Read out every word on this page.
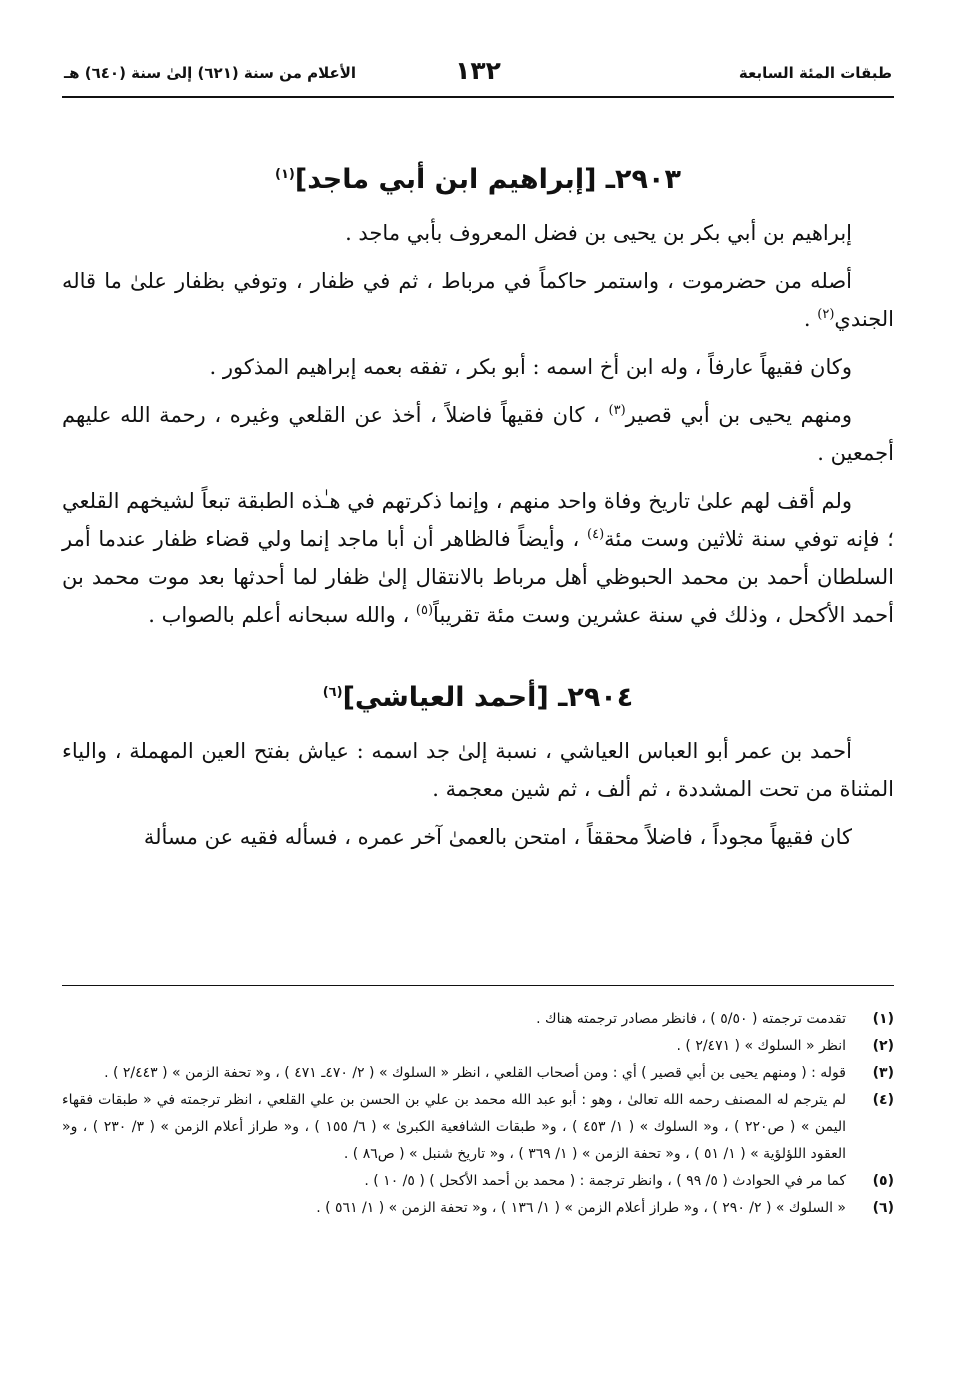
طبقات المئة السابعة
١٣٢
الأعلام من سنة (٦٢١) إلىٰ سنة (٦٤٠) هـ
٢٩٠٣ـ [إبراهيم ابن أبي ماجد]$^{(١)}$

إبراهيم بن أبي بكر بن يحيى بن فضل المعروف بأبي ماجد .

أصله من حضرموت ، واستمر حاكماً في مرباط ، ثم في ظفار ، وتوفي بظفار علىٰ ما قاله الجندي$^{(٢)}$ .

وكان فقيهاً عارفاً ، وله ابن أخ اسمه : أبو بكر ، تفقه بعمه إبراهيم المذكور .

ومنهم يحيى بن أبي قصير$^{(٣)}$ ، كان فقيهاً فاضلاً ، أخذ عن القلعي وغيره ، رحمة الله عليهم أجمعين .

ولم أقف لهم علىٰ تاريخ وفاة واحد منهم ، وإنما ذكرتهم في هـٰذه الطبقة تبعاً لشيخهم القلعي ؛ فإنه توفي سنة ثلاثين وست مئة$^{(٤)}$ ، وأيضاً فالظاهر أن أبا ماجد إنما ولي قضاء ظفار عندما أمر السلطان أحمد بن محمد الحبوظي أهل مرباط بالانتقال إلىٰ ظفار لما أحدثها بعد موت محمد بن أحمد الأكحل ، وذلك في سنة عشرين وست مئة تقريباً$^{(٥)}$ ، والله سبحانه أعلم بالصواب .

٢٩٠٤ـ [أحمد العياشي]$^{(٦)}$

أحمد بن عمر أبو العباس العياشي ، نسبة إلىٰ جد اسمه : عياش بفتح العين المهملة ، والياء المثناة من تحت المشددة ، ثم ألف ، ثم شين معجمة .

كان فقيهاً مجوداً ، فاضلاً محققاً ، امتحن بالعمىٰ آخر عمره ، فسأله فقيه عن مسألة

(١)
تقدمت ترجمته ( ٥/٥٠ ) ، فانظر مصادر ترجمته هناك .
(٢)
انظر « السلوك » ( ٢/٤٧١ ) .
(٣)
قوله : ( ومنهم يحيى بن أبي قصير ) أي : ومن أصحاب القلعي ، انظر « السلوك » ( ٢/ ٤٧٠ـ ٤٧١ ) ، و« تحفة الزمن » ( ٢/٤٤٣ ) .
(٤)
لم يترجم له المصنف رحمه الله تعالىٰ ، وهو : أبو عبد الله محمد بن علي بن الحسن بن علي القلعي ، انظر ترجمته في « طبقات فقهاء اليمن » ( ص٢٢٠ ) ، و« السلوك » ( ١/ ٤٥٣ ) ، و« طبقات الشافعية الكبرىٰ » ( ٦/ ١٥٥ ) ، و« طراز أعلام الزمن » ( ٣/ ٢٣٠ ) ، و« العقود اللؤلؤية » ( ١/ ٥١ ) ، و« تحفة الزمن » ( ١/ ٣٦٩ ) ، و« تاريخ شنبل » ( ص٨٦ ) .
(٥)
كما مر في الحوادث ( ٥/ ٩٩ ) ، وانظر ترجمة : ( محمد بن أحمد الأكحل ) ( ٥/ ١٠ ) .
(٦)
« السلوك » ( ٢/ ٢٩٠ ) ، و« طراز أعلام الزمن » ( ١/ ١٣٦ ) ، و« تحفة الزمن » ( ١/ ٥٦١ ) .
